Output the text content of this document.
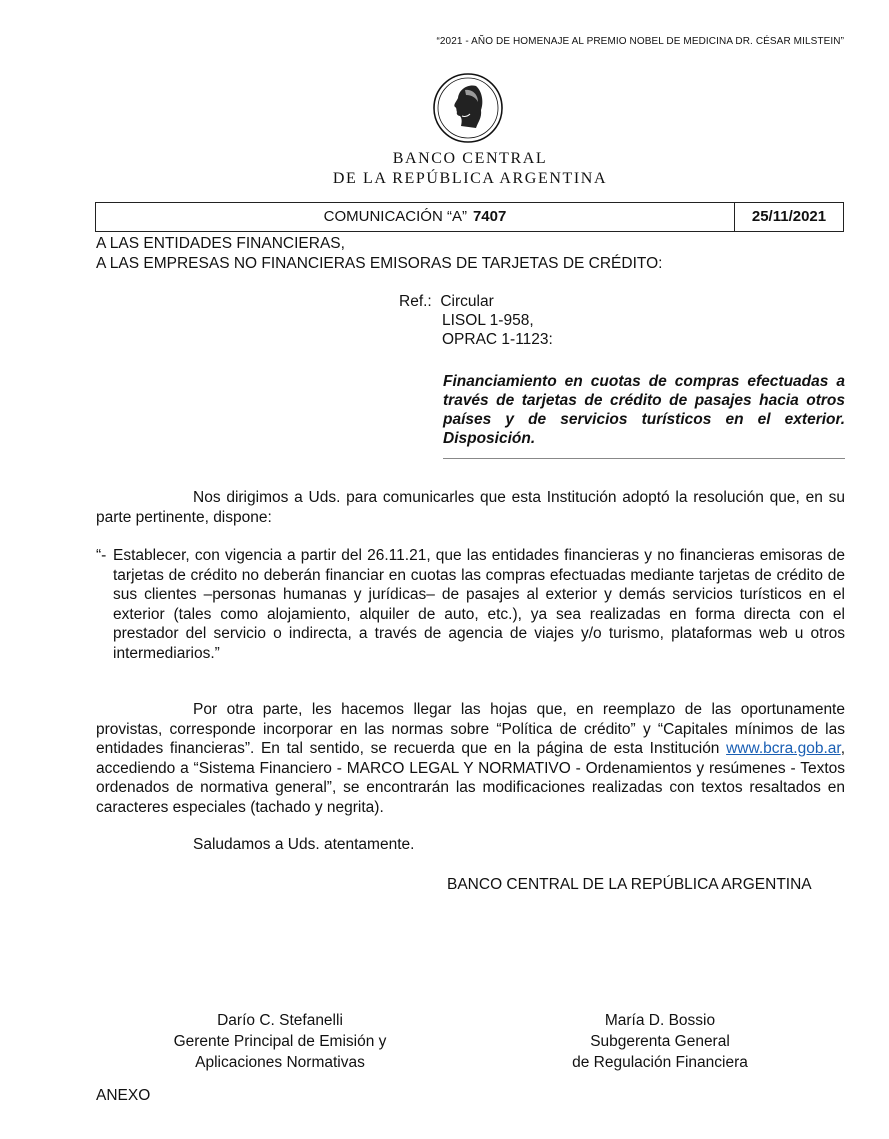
“2021 - AÑO DE HOMENAJE AL PREMIO NOBEL DE MEDICINA DR. CÉSAR MILSTEIN”
BANCO CENTRAL
DE LA REPÚBLICA ARGENTINA
COMUNICACIÓN “A” 7407	25/11/2021
A LAS ENTIDADES FINANCIERAS,
A LAS EMPRESAS NO FINANCIERAS EMISORAS DE TARJETAS DE CRÉDITO:
Ref.: Circular
LISOL 1-958,
OPRAC 1-1123:
Financiamiento en cuotas de compras efectuadas a través de tarjetas de crédito de pasajes hacia otros países y de servicios turísticos en el exterior. Disposición.
Nos dirigimos a Uds. para comunicarles que esta Institución adoptó la resolución que, en su parte pertinente, dispone:
“- Establecer, con vigencia a partir del 26.11.21, que las entidades financieras y no financieras emisoras de tarjetas de crédito no deberán financiar en cuotas las compras efectuadas mediante tarjetas de crédito de sus clientes –personas humanas y jurídicas– de pasajes al exterior y demás servicios turísticos en el exterior (tales como alojamiento, alquiler de auto, etc.), ya sea realizadas en forma directa con el prestador del servicio o indirecta, a través de agencia de viajes y/o turismo, plataformas web u otros intermediarios.”
Por otra parte, les hacemos llegar las hojas que, en reemplazo de las oportunamente provistas, corresponde incorporar en las normas sobre “Política de crédito” y “Capitales mínimos de las entidades financieras”. En tal sentido, se recuerda que en la página de esta Institución www.bcra.gob.ar, accediendo a “Sistema Financiero - MARCO LEGAL Y NORMATIVO - Ordenamientos y resúmenes - Textos ordenados de normativa general”, se encontrarán las modificaciones realizadas con textos resaltados en caracteres especiales (tachado y negrita).
Saludamos a Uds. atentamente.
BANCO CENTRAL DE LA REPÚBLICA ARGENTINA
Darío C. Stefanelli
Gerente Principal de Emisión y
Aplicaciones Normativas
María D. Bossio
Subgerenta General
de Regulación Financiera
ANEXO
